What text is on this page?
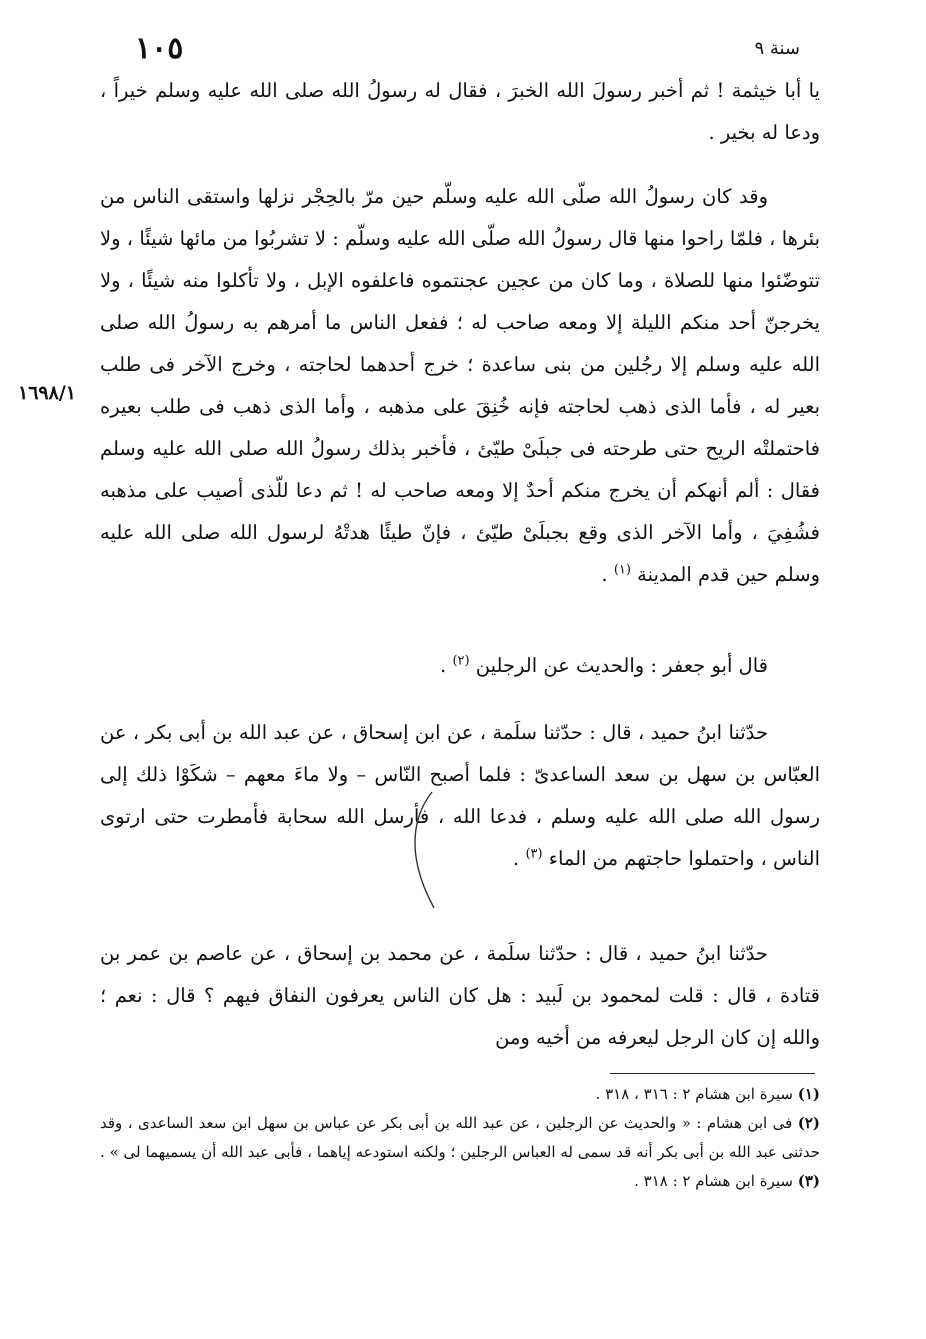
١٠٥	سنة ٩
١٦٩٨/١

يا أبا خيثمة ! ثم أخبر رسولَ الله الخبرَ ، فقال له رسولُ الله صلى الله عليه وسلم خيراً ، ودعا له بخير .

وقد كان رسولُ الله صلّى الله عليه وسلّم حين مرّ بالحِجْر نزلها واستقى الناس من بئرها ، فلمّا راحوا منها قال رسولُ الله صلّى الله عليه وسلّم : لا تشربُوا من مائها شيئًا ، ولا تتوضّئوا منها للصلاة ، وما كان من عجين عجنتموه فاعلفوه الإبل ، ولا تأكلوا منه شيئًا ، ولا يخرجنّ أحد منكم الليلة إلا ومعه صاحب له ؛ ففعل الناس ما أمرهم به رسولُ الله صلى الله عليه وسلم إلا رجُلين من بنى ساعدة ؛ خرج أحدهما لحاجته ، وخرج الآخر فى طلب بعير له ، فأما الذى ذهب لحاجته فإنه خُنِقَ على مذهبه ، وأما الذى ذهب فى طلب بعيره فاحتملتْه الريح حتى طرحته فى جبلَىْ طيّئ ، فأخبر بذلك رسولُ الله صلى الله عليه وسلم فقال : ألم أنهكم أن يخرج منكم أحدٌ إلا ومعه صاحب له ! ثم دعا للّذى أصيب على مذهبه فشُفِيَ ، وأما الآخر الذى وقع بجبلَىْ طيّئ ، فإنّ طيئًا هدتْهُ لرسول الله صلى الله عليه وسلم حين قدم المدينة $^{(١)}$ .

قال أبو جعفر : والحديث عن الرجلين $^{(٢)}$ .

حدّثنا ابنُ حميد ، قال : حدّثنا سلَمة ، عن ابن إسحاق ، عن عبد الله بن أبى بكر ، عن العبّاس بن سهل بن سعد الساعدىّ : فلما أصبح النّاس – ولا ماءَ معهم – شكَوْا ذلك إلى رسول الله صلى الله عليه وسلم ، فدعا الله ، فأرسل الله سحابة فأمطرت حتى ارتوى الناس ، واحتملوا حاجتهم من الماء $^{(٣)}$ .

حدّثنا ابنُ حميد ، قال : حدّثنا سلَمة ، عن محمد بن إسحاق ، عن عاصم بن عمر بن قتادة ، قال : قلت لمحمود بن لَبيد : هل كان الناس يعرفون النفاق فيهم ؟ قال : نعم ؛ والله إن كان الرجل ليعرفه من أخيه ومن

(١) سيرة ابن هشام ٢ : ٣١٦ ، ٣١٨ .

(٢) فى ابن هشام : « والحديث عن الرجلين ، عن عبد الله بن أبى بكر عن عباس بن سهل ابن سعد الساعدى ، وقد حدثنى عبد الله بن أبى بكر أنه قد سمى له العباس الرجلين ؛ ولكنه استودعه إياهما ، فأبى عبد الله أن يسميهما لى » . (٣) سيرة ابن هشام ٢ : ٣١٨ .
